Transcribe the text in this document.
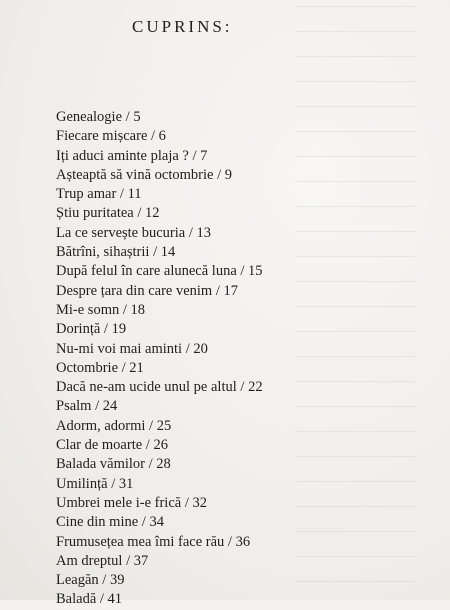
CUPRINS:
Genealogie / 5
Fiecare mișcare / 6
Iți aduci aminte plaja ? / 7
Așteaptă să vină octombrie / 9
Trup amar / 11
Știu puritatea / 12
La ce servește bucuria / 13
Bătrîni, sihaștrii / 14
După felul în care alunecă luna / 15
Despre țara din care venim / 17
Mi-e somn / 18
Dorință / 19
Nu-mi voi mai aminti / 20
Octombrie / 21
Dacă ne-am ucide unul pe altul / 22
Psalm / 24
Adorm, adormi / 25
Clar de moarte / 26
Balada vămilor / 28
Umilință / 31
Umbrei mele i-e frică / 32
Cine din mine / 34
Frumusețea mea îmi face rău / 36
Am dreptul / 37
Leagăn / 39
Baladă / 41
